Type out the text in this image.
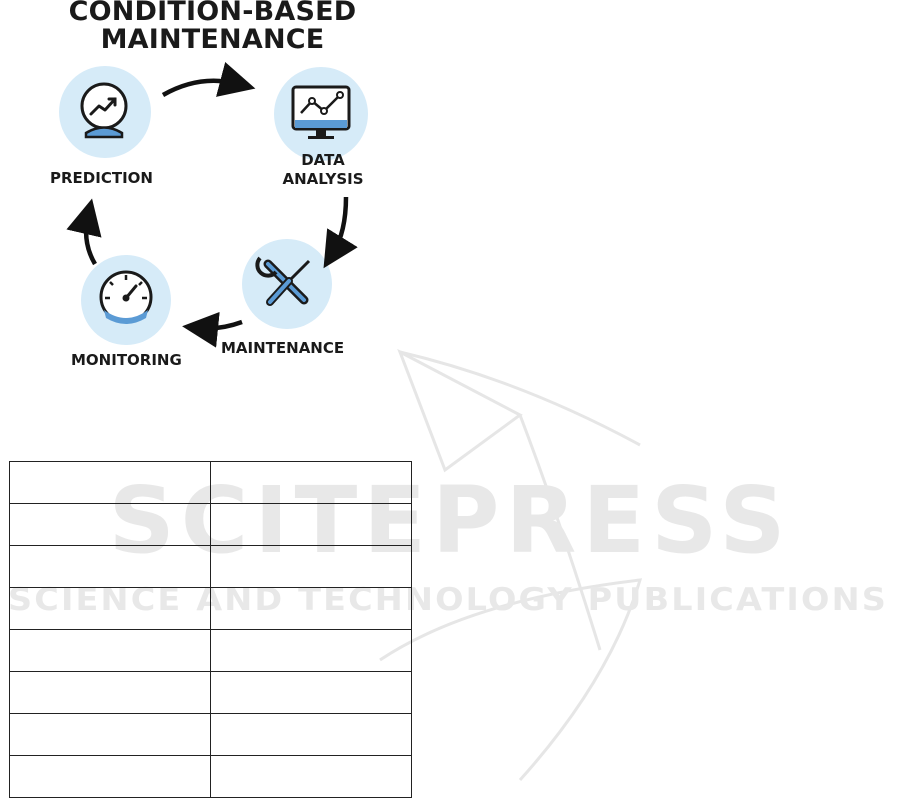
SCITEPRESS
SCIENCE AND TECHNOLOGY PUBLICATIONS
CONDITION-BASED
MAINTENANCE
PREDICTION
DATA
ANALYSIS
MAINTENANCE
MONITORING
